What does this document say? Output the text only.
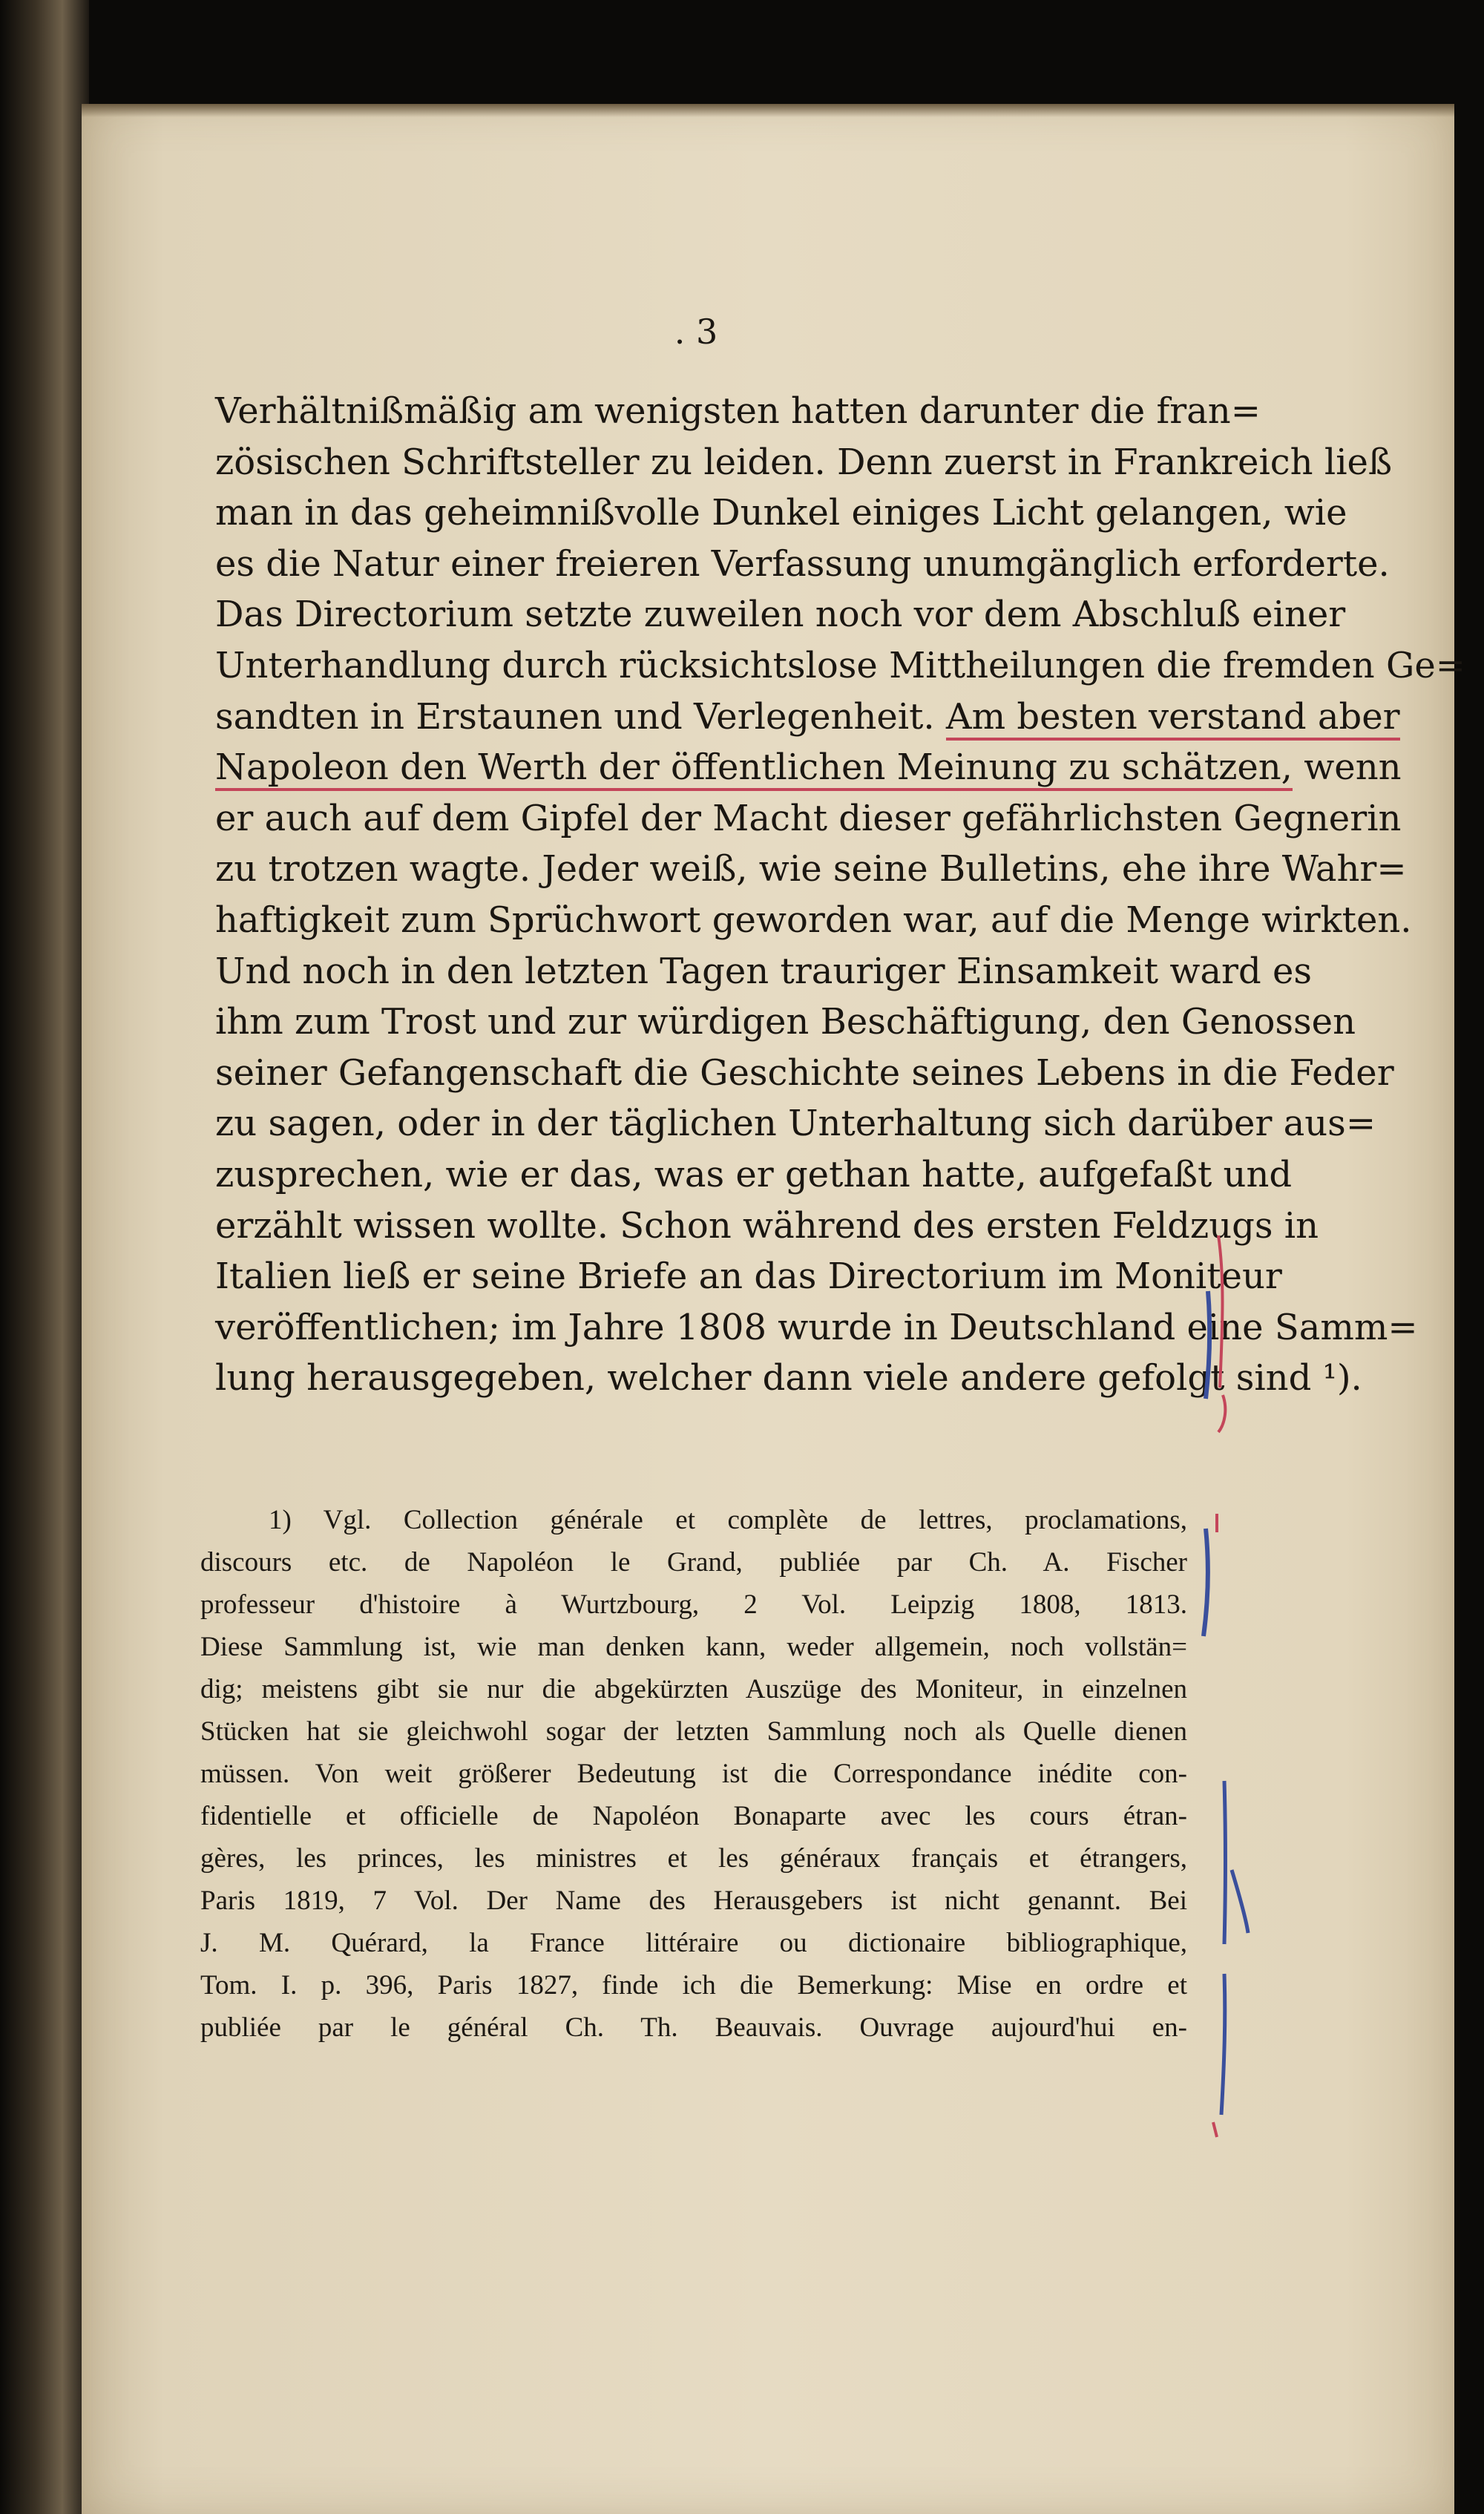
. 3
Verhältnißmäßig am wenigsten hatten darunter die fran=
zösischen Schriftsteller zu leiden. Denn zuerst in Frankreich ließ
man in das geheimnißvolle Dunkel einiges Licht gelangen, wie
es die Natur einer freieren Verfassung unumgänglich erforderte.
Das Directorium setzte zuweilen noch vor dem Abschluß einer
Unterhandlung durch rücksichtslose Mittheilungen die fremden Ge=
sandten in Erstaunen und Verlegenheit. Am besten verstand aber
Napoleon den Werth der öffentlichen Meinung zu schätzen, wenn
er auch auf dem Gipfel der Macht dieser gefährlichsten Gegnerin
zu trotzen wagte. Jeder weiß, wie seine Bulletins, ehe ihre Wahr=
haftigkeit zum Sprüchwort geworden war, auf die Menge wirkten.
Und noch in den letzten Tagen trauriger Einsamkeit ward es
ihm zum Trost und zur würdigen Beschäftigung, den Genossen
seiner Gefangenschaft die Geschichte seines Lebens in die Feder
zu sagen, oder in der täglichen Unterhaltung sich darüber aus=
zusprechen, wie er das, was er gethan hatte, aufgefaßt und
erzählt wissen wollte. Schon während des ersten Feldzugs in
Italien ließ er seine Briefe an das Directorium im Moniteur
veröffentlichen; im Jahre 1808 wurde in Deutschland eine Samm=
lung herausgegeben, welcher dann viele andere gefolgt sind ¹).
1) Vgl. Collection générale et complète de lettres, proclamations,
discours etc. de Napoléon le Grand, publiée par Ch. A. Fischer
professeur d'histoire à Wurtzbourg, 2 Vol. Leipzig 1808, 1813.
Diese Sammlung ist, wie man denken kann, weder allgemein, noch vollstän=
dig; meistens gibt sie nur die abgekürzten Auszüge des Moniteur, in einzelnen
Stücken hat sie gleichwohl sogar der letzten Sammlung noch als Quelle dienen
müssen. Von weit größerer Bedeutung ist die Correspondance inédite con-
fidentielle et officielle de Napoléon Bonaparte avec les cours étran-
gères, les princes, les ministres et les généraux français et étrangers,
Paris 1819, 7 Vol. Der Name des Herausgebers ist nicht genannt. Bei
J. M. Quérard, la France littéraire ou dictionaire bibliographique,
Tom. I. p. 396, Paris 1827, finde ich die Bemerkung: Mise en ordre et
publiée par le général Ch. Th. Beauvais. Ouvrage aujourd'hui en-
